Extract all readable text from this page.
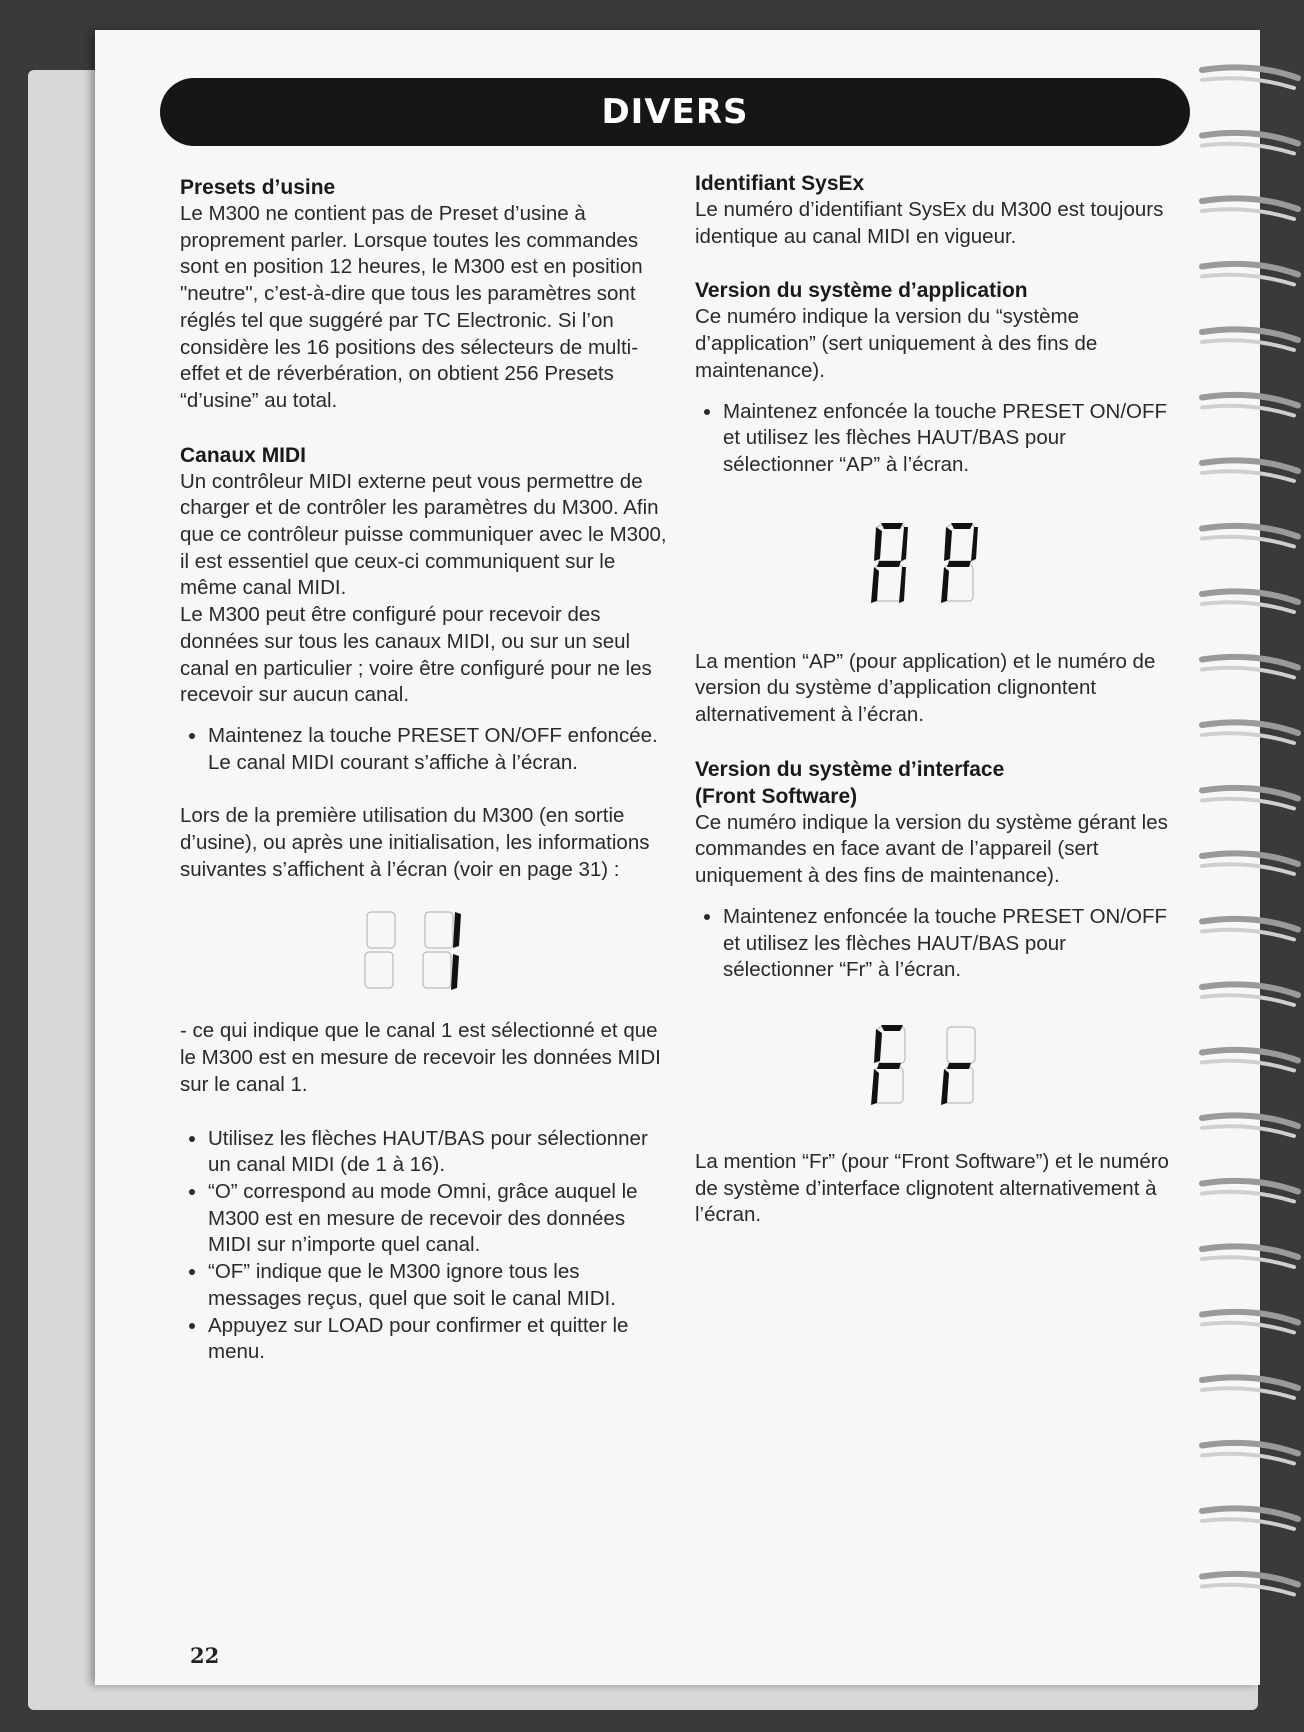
DIVERS
Presets d’usine

Le M300 ne contient pas de Preset d’usine à proprement parler. Lorsque toutes les commandes sont en position 12 heures, le M300 est en position "neutre", c’est-à-dire que tous les paramètres sont réglés tel que suggéré par TC Electronic. Si l’on considère les 16 positions des sélecteurs de multi-effet et de réverbération, on obtient 256 Presets “d’usine” au total.

Canaux MIDI

Un contrôleur MIDI externe peut vous permettre de charger et de contrôler les paramètres du M300. Afin que ce contrôleur puisse communiquer avec le M300, il est essentiel que ceux-ci communiquent sur le même canal MIDI.

Le M300 peut être configuré pour recevoir des données sur tous les canaux MIDI, ou sur un seul canal en particulier ; voire être configuré pour ne les recevoir sur aucun canal.

• Maintenez la touche PRESET ON/OFF enfoncée. Le canal MIDI courant s’affiche à l’écran.

Lors de la première utilisation du M300 (en sortie d’usine), ou après une initialisation, les informations suivantes s’affichent à l’écran (voir en page 31) :

- ce qui indique que le canal 1 est sélectionné et que le M300 est en mesure de recevoir les données MIDI sur le canal 1.

• Utilisez les flèches HAUT/BAS pour sélectionner un canal MIDI (de 1 à 16).
• “O” correspond au mode Omni, grâce auquel le M300 est en mesure de recevoir des données MIDI sur n’importe quel canal.
• “OF” indique que le M300 ignore tous les messages reçus, quel que soit le canal MIDI.
• Appuyez sur LOAD pour confirmer et quitter le menu.
Identifiant SysEx

Le numéro d’identifiant SysEx du M300 est toujours identique au canal MIDI en vigueur.

Version du système d’application

Ce numéro indique la version du “système d’application” (sert uniquement à des fins de maintenance).

• Maintenez enfoncée la touche PRESET ON/OFF et utilisez les flèches HAUT/BAS pour sélectionner “AP” à l’écran.

La mention “AP” (pour application) et le numéro de version du système d’application clignontent alternativement à l’écran.

Version du système d’interface
(Front Software)

Ce numéro indique la version du système gérant les commandes en face avant de l’appareil (sert uniquement à des fins de maintenance).

• Maintenez enfoncée la touche PRESET ON/OFF et utilisez les flèches HAUT/BAS pour sélectionner “Fr” à l’écran.

La mention “Fr” (pour “Front Software”) et le numéro de système d’interface clignotent alternativement à l’écran.

22
